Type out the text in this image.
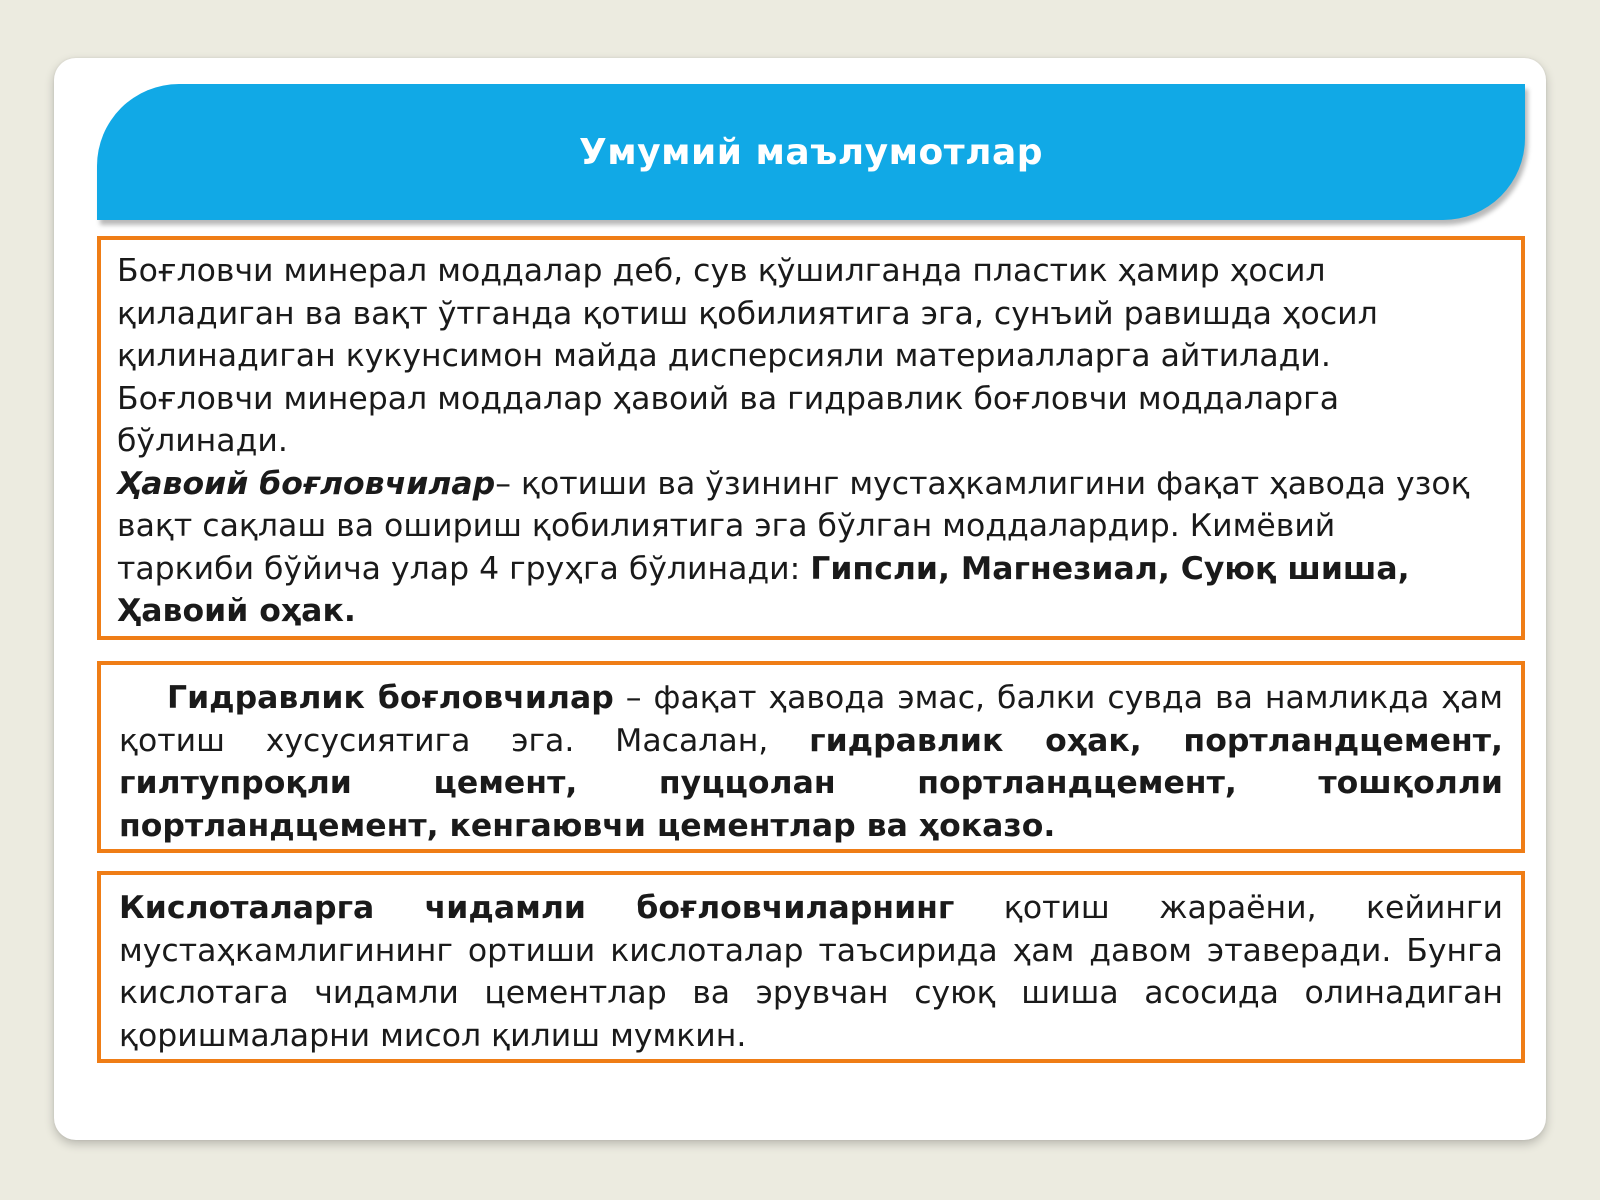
Умумий маълумотлар

Боғловчи минерал моддалар деб, сув қўшилганда пластик ҳамир ҳосил
қиладиган ва вақт ўтганда қотиш қобилиятига эга, сунъий равишда ҳосил
қилинадиган кукунсимон майда дисперсияли материалларга айтилади.
Боғловчи минерал моддалар ҳавоий ва гидравлик боғловчи моддаларга
бўлинади.
Ҳавоий боғловчилар– қотиши ва ўзининг мустаҳкамлигини фақат ҳавода узоқ
вақт сақлаш ва ошириш қобилиятига эга бўлган моддалардир. Кимёвий
таркиби бўйича улар 4 груҳга бўлинади: Гипсли, Магнезиал, Суюқ шиша,
Ҳавоий оҳак.

Гидравлик боғловчилар – фақат ҳавода эмас, балки сувда ва намликда ҳам қотиш хусусиятига эга. Масалан, гидравлик оҳак, портландцемент, гилтупроқли цемент, пуццолан портландцемент, тошқолли портландцемент, кенгаювчи цементлар ва ҳоказо.

Кислоталарга чидамли боғловчиларнинг қотиш жараёни, кейинги мустаҳкамлигининг ортиши кислоталар таъсирида ҳам давом этаверади. Бунга кислотага чидамли цементлар ва эрувчан суюқ шиша асосида олинадиган қоришмаларни мисол қилиш мумкин.
